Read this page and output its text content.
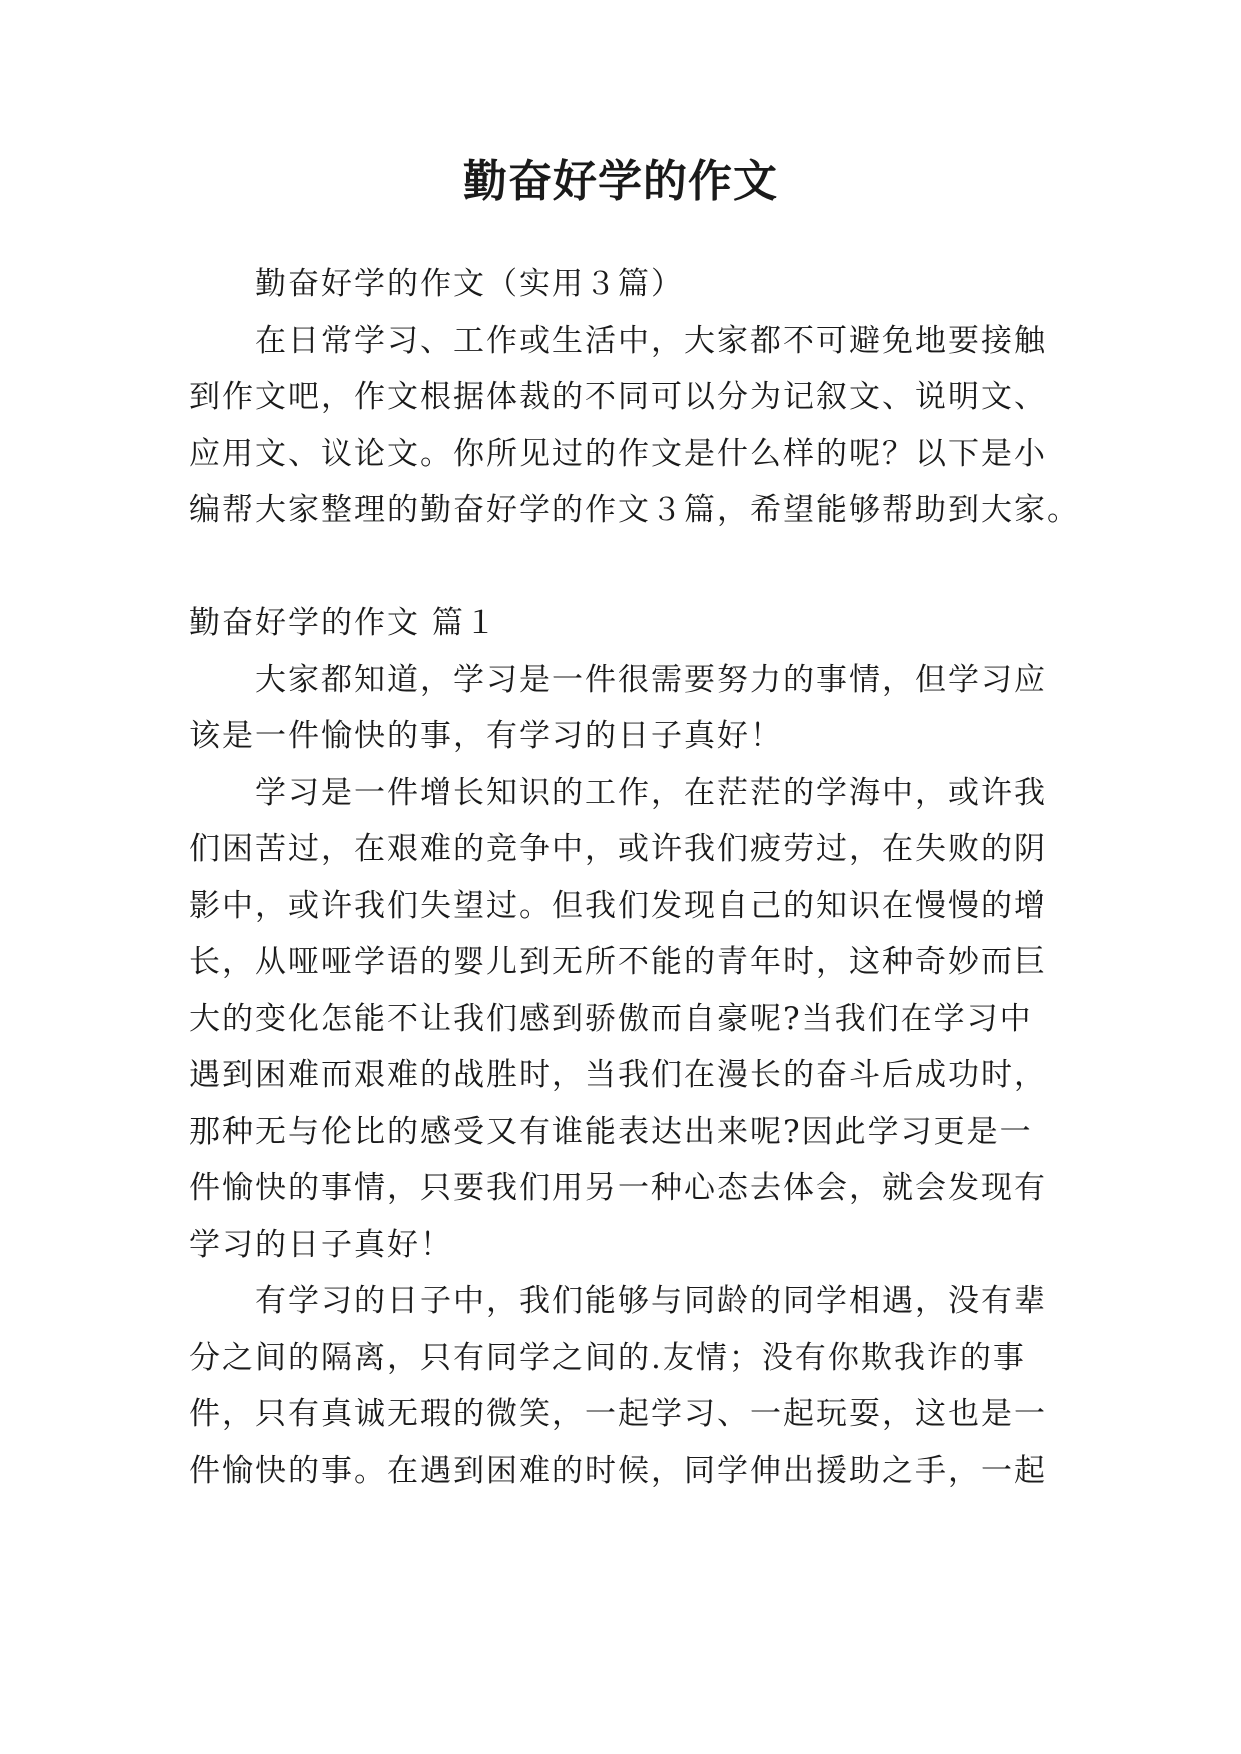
勤奋好学的作文
勤奋好学的作文（实用３篇）
在日常学习、工作或生活中，大家都不可避免地要接触
到作文吧，作文根据体裁的不同可以分为记叙文、说明文、
应用文、议论文。你所见过的作文是什么样的呢？以下是小
编帮大家整理的勤奋好学的作文３篇，希望能够帮助到大家。
勤奋好学的作文 篇１
大家都知道，学习是一件很需要努力的事情，但学习应
该是一件愉快的事，有学习的日子真好！
学习是一件增长知识的工作，在茫茫的学海中，或许我
们困苦过，在艰难的竞争中，或许我们疲劳过，在失败的阴
影中，或许我们失望过。但我们发现自己的知识在慢慢的增
长，从哑哑学语的婴儿到无所不能的青年时，这种奇妙而巨
大的变化怎能不让我们感到骄傲而自豪呢?当我们在学习中
遇到困难而艰难的战胜时，当我们在漫长的奋斗后成功时，
那种无与伦比的感受又有谁能表达出来呢?因此学习更是一
件愉快的事情，只要我们用另一种心态去体会，就会发现有
学习的日子真好！
有学习的日子中，我们能够与同龄的同学相遇，没有辈
分之间的隔离，只有同学之间的.友情；没有你欺我诈的事
件，只有真诚无瑕的微笑，一起学习、一起玩耍，这也是一
件愉快的事。在遇到困难的时候，同学伸出援助之手，一起
